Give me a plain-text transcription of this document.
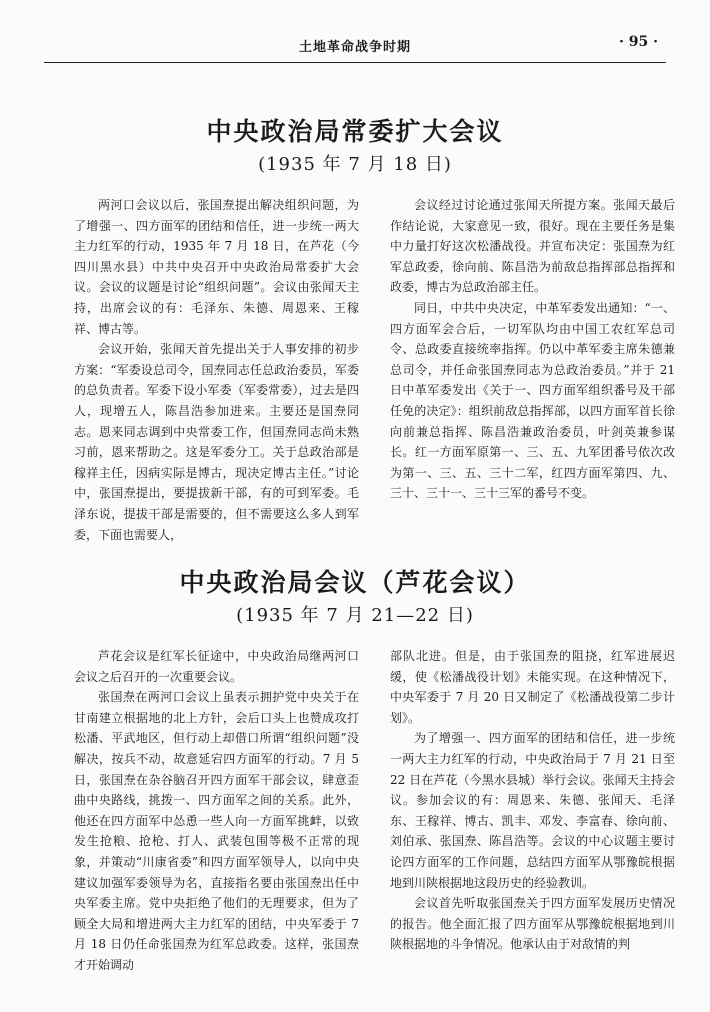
土地革命战争时期	· 95 ·
中央政治局常委扩大会议
(1935 年 7 月 18 日)

两河口会议以后，张国焘提出解决组织问题，为了增强一、四方面军的团结和信任，进一步统一两大主力红军的行动，1935 年 7 月 18 日，在芦花（今四川黑水县）中共中央召开中央政治局常委扩大会议。会议的议题是讨论“组织问题”。会议由张闻天主持，出席会议的有：毛泽东、朱德、周恩来、王稼祥、博古等。

会议开始，张闻天首先提出关于人事安排的初步方案：“军委设总司令，国焘同志任总政治委员，军委的总负责者。军委下设小军委（军委常委），过去是四人，现增五人，陈昌浩参加进来。主要还是国焘同志。恩来同志调到中央常委工作，但国焘同志尚未熟习前，恩来帮助之。这是军委分工。关于总政治部是稼祥主任，因病实际是博古，现决定博古主任。”讨论中，张国焘提出，要提拔新干部，有的可到军委。毛泽东说，提拔干部是需要的，但不需要这么多人到军委，下面也需要人，

会议经过讨论通过张闻天所提方案。张闻天最后作结论说，大家意见一致，很好。现在主要任务是集中力量打好这次松潘战役。并宣布决定：张国焘为红军总政委，徐向前、陈昌浩为前敌总指挥部总指挥和政委，博古为总政治部主任。

同日，中共中央决定，中革军委发出通知：“一、四方面军会合后，一切军队均由中国工农红军总司令、总政委直接统率指挥。仍以中革军委主席朱德兼总司令，并任命张国焘同志为总政治委员。”并于 21 日中革军委发出《关于一、四方面军组织番号及干部任免的决定》：组织前敌总指挥部，以四方面军首长徐向前兼总指挥、陈昌浩兼政治委员，叶剑英兼参谋长。红一方面军原第一、三、五、九军团番号依次改为第一、三、五、三十二军，红四方面军第四、九、三十、三十一、三十三军的番号不变。

中央政治局会议（芦花会议）
(1935 年 7 月 21—22 日)

芦花会议是红军长征途中，中央政治局继两河口会议之后召开的一次重要会议。

张国焘在两河口会议上虽表示拥护党中央关于在甘南建立根据地的北上方针，会后口头上也赞成攻打松潘、平武地区，但行动上却借口所谓“组织问题”没解决，按兵不动，故意延宕四方面军的行动。7 月 5 日，张国焘在杂谷脑召开四方面军干部会议，肆意歪曲中央路线，挑拨一、四方面军之间的关系。此外，他还在四方面军中怂恿一些人向一方面军挑衅，以致发生抢粮、抢枪、打人、武装包围等极不正常的现象，并策动“川康省委”和四方面军领导人，以向中央建议加强军委领导为名，直接指名要由张国焘出任中央军委主席。党中央拒绝了他们的无理要求，但为了顾全大局和增进两大主力红军的团结，中央军委于 7 月 18 日仍任命张国焘为红军总政委。这样，张国焘才开始调动

部队北进。但是，由于张国焘的阻挠，红军进展迟缓，使《松潘战役计划》未能实现。在这种情况下，中央军委于 7 月 20 日又制定了《松潘战役第二步计划》。

为了增强一、四方面军的团结和信任，进一步统一两大主力红军的行动，中央政治局于 7 月 21 日至 22 日在芦花（今黑水县城）举行会议。张闻天主持会议。参加会议的有：周恩来、朱德、张闻天、毛泽东、王稼祥、博古、凯丰、邓发、李富春、徐向前、刘伯承、张国焘、陈昌浩等。会议的中心议题主要讨论四方面军的工作问题，总结四方面军从鄂豫皖根据地到川陕根据地这段历史的经验教训。

会议首先听取张国焘关于四方面军发展历史情况的报告。他全面汇报了四方面军从鄂豫皖根据地到川陕根据地的斗争情况。他承认由于对敌情的判
